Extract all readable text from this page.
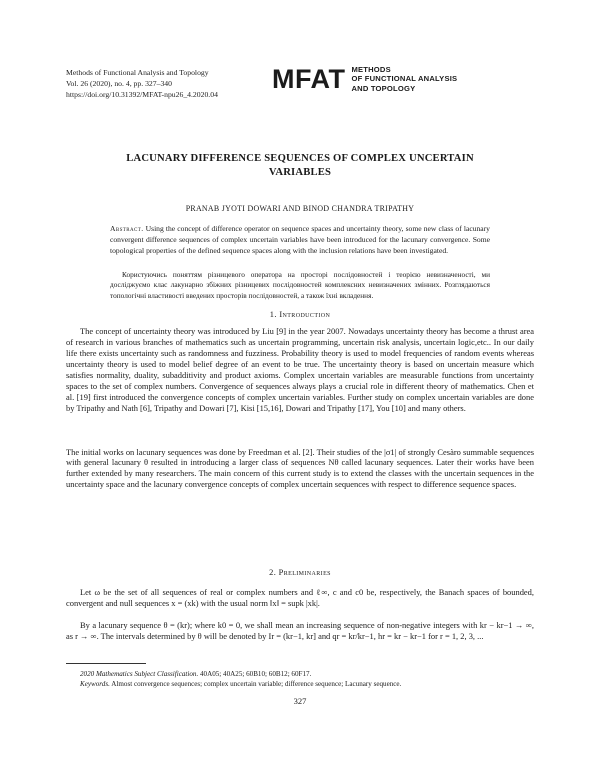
Methods of Functional Analysis and Topology
Vol. 26 (2020), no. 4, pp. 327–340
https://doi.org/10.31392/MFAT-npu26_4.2020.04
MFAT METHODS
OF FUNCTIONAL ANALYSIS
AND TOPOLOGY
LACUNARY DIFFERENCE SEQUENCES OF COMPLEX UNCERTAIN
VARIABLES
PRANAB JYOTI DOWARI AND BINOD CHANDRA TRIPATHY
Abstract. Using the concept of difference operator on sequence spaces and uncertainty theory, some new class of lacunary convergent difference sequences of complex uncertain variables have been introduced for the lacunary convergence. Some topological properties of the defined sequence spaces along with the inclusion relations have been investigated.
Користуючись поняттям різницевого оператора на просторі послідовностей і теорією невизначеності, ми досліджуємо клас лакунарно збіжних різницевих послідовностей комплексних невизначених змінних. Розглядаються топологічні властивості введених просторів послідовностей, а також їхні вкладення.
1. Introduction
The concept of uncertainty theory was introduced by Liu [9] in the year 2007. Nowadays uncertainty theory has become a thrust area of research in various branches of mathematics such as uncertain programming, uncertain risk analysis, uncertain logic,etc.. In our daily life there exists uncertainty such as randomness and fuzziness. Probability theory is used to model frequencies of random events whereas uncertainty theory is used to model belief degree of an event to be true. The uncertainty theory is based on uncertain measure which satisfies normality, duality, subadditivity and product axioms. Complex uncertain variables are measurable functions from uncertainty spaces to the set of complex numbers. Convergence of sequences always plays a crucial role in different theory of mathematics. Chen et al. [19] first introduced the convergence concepts of complex uncertain variables. Further study on complex uncertain variables are done by Tripathy and Nath [6], Tripathy and Dowari [7], Kisi [15,16], Dowari and Tripathy [17], You [10] and many others.
The initial works on lacunary sequences was done by Freedman et al. [2]. Their studies of the |σ1| of strongly Cesàro summable sequences with general lacunary θ resulted in introducing a larger class of sequences Nθ called lacunary sequences. Later their works have been further extended by many researchers. The main concern of this current study is to extend the classes with the uncertain sequences in the uncertainty space and the lacunary convergence concepts of complex uncertain sequences with respect to difference sequence spaces.
2. Preliminaries
Let ω be the set of all sequences of real or complex numbers and ℓ∞, c and c0 be, respectively, the Banach spaces of bounded, convergent and null sequences x = (xk) with the usual norm ‖x‖ = supk |xk|.
By a lacunary sequence θ = (kr); where k0 = 0, we shall mean an increasing sequence of non-negative integers with kr − kr−1 → ∞, as r → ∞. The intervals determined by θ will be denoted by Ir = (kr−1, kr] and qr = kr/kr−1, hr = kr − kr−1 for r = 1, 2, 3, ...
2020 Mathematics Subject Classification. 40A05; 40A25; 60B10; 60B12; 60F17.
Keywords. Almost convergence sequences; complex uncertain variable; difference sequence; Lacunary sequence.
327
